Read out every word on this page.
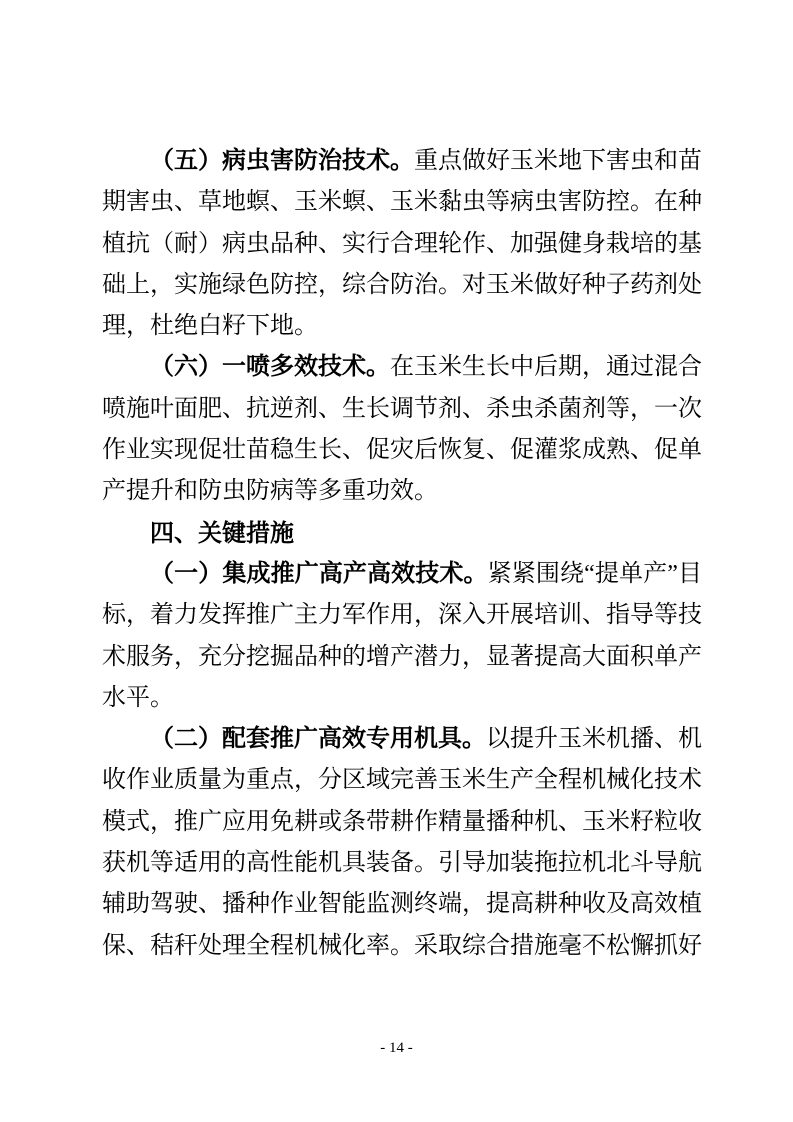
（五）病虫害防治技术。重点做好玉米地下害虫和苗期害虫、草地螟、玉米螟、玉米黏虫等病虫害防控。在种植抗（耐）病虫品种、实行合理轮作、加强健身栽培的基础上，实施绿色防控，综合防治。对玉米做好种子药剂处理，杜绝白籽下地。

（六）一喷多效技术。在玉米生长中后期，通过混合喷施叶面肥、抗逆剂、生长调节剂、杀虫杀菌剂等，一次作业实现促壮苗稳生长、促灾后恢复、促灌浆成熟、促单产提升和防虫防病等多重功效。

四、关键措施

（一）集成推广高产高效技术。紧紧围绕“提单产”目标，着力发挥推广主力军作用，深入开展培训、指导等技术服务，充分挖掘品种的增产潜力，显著提高大面积单产水平。

（二）配套推广高效专用机具。以提升玉米机播、机收作业质量为重点，分区域完善玉米生产全程机械化技术模式，推广应用免耕或条带耕作精量播种机、玉米籽粒收获机等适用的高性能机具装备。引导加装拖拉机北斗导航辅助驾驶、播种作业智能监测终端，提高耕种收及高效植保、秸秆处理全程机械化率。采取综合措施毫不松懈抓好

- 14 -
